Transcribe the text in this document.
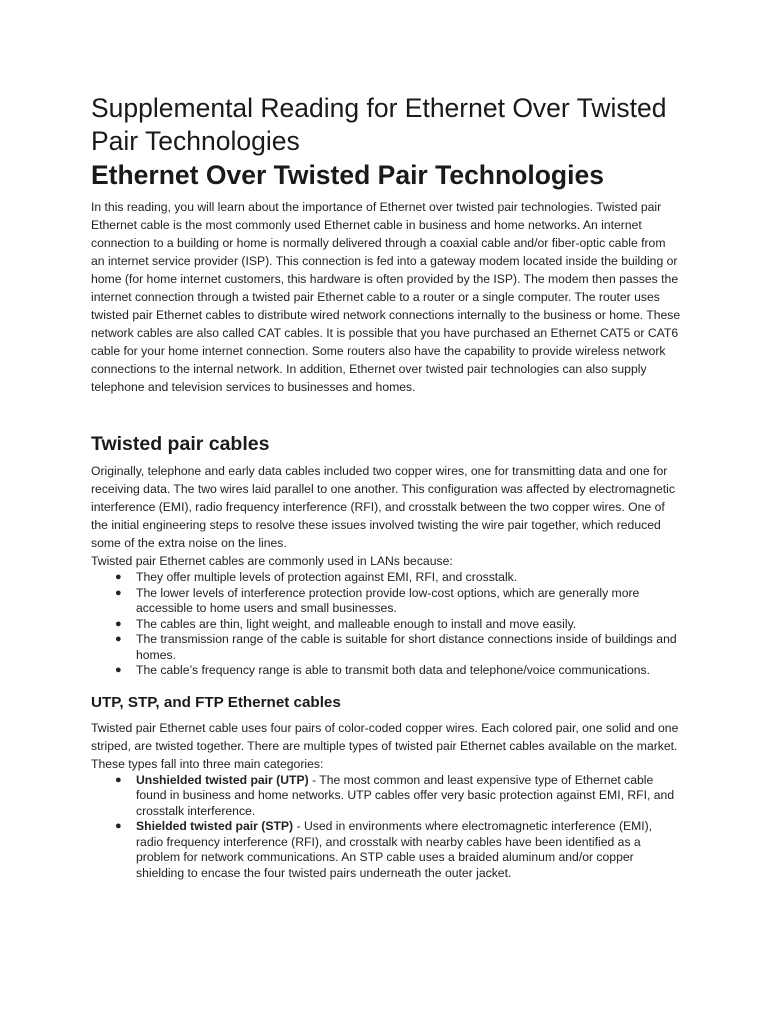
Supplemental Reading for Ethernet Over Twisted Pair Technologies
Ethernet Over Twisted Pair Technologies

In this reading, you will learn about the importance of Ethernet over twisted pair technologies. Twisted pair Ethernet cable is the most commonly used Ethernet cable in business and home networks. An internet connection to a building or home is normally delivered through a coaxial cable and/or fiber-optic cable from an internet service provider (ISP). This connection is fed into a gateway modem located inside the building or home (for home internet customers, this hardware is often provided by the ISP). The modem then passes the internet connection through a twisted pair Ethernet cable to a router or a single computer. The router uses twisted pair Ethernet cables to distribute wired network connections internally to the business or home. These network cables are also called CAT cables. It is possible that you have purchased an Ethernet CAT5 or CAT6 cable for your home internet connection. Some routers also have the capability to provide wireless network connections to the internal network. In addition, Ethernet over twisted pair technologies can also supply telephone and television services to businesses and homes.

Twisted pair cables

Originally, telephone and early data cables included two copper wires, one for transmitting data and one for receiving data. The two wires laid parallel to one another. This configuration was affected by electromagnetic interference (EMI), radio frequency interference (RFI), and crosstalk between the two copper wires. One of the initial engineering steps to resolve these issues involved twisting the wire pair together, which reduced some of the extra noise on the lines.

Twisted pair Ethernet cables are commonly used in LANs because:

● They offer multiple levels of protection against EMI, RFI, and crosstalk.
● The lower levels of interference protection provide low-cost options, which are generally more accessible to home users and small businesses.
● The cables are thin, light weight, and malleable enough to install and move easily.
● The transmission range of the cable is suitable for short distance connections inside of buildings and homes.
● The cable’s frequency range is able to transmit both data and telephone/voice communications.
UTP, STP, and FTP Ethernet cables

Twisted pair Ethernet cable uses four pairs of color-coded copper wires. Each colored pair, one solid and one striped, are twisted together. There are multiple types of twisted pair Ethernet cables available on the market. These types fall into three main categories:

● Unshielded twisted pair (UTP) - The most common and least expensive type of Ethernet cable found in business and home networks. UTP cables offer very basic protection against EMI, RFI, and crosstalk interference.
● Shielded twisted pair (STP) - Used in environments where electromagnetic interference (EMI), radio frequency interference (RFI), and crosstalk with nearby cables have been identified as a problem for network communications. An STP cable uses a braided aluminum and/or copper shielding to encase the four twisted pairs underneath the outer jacket.
